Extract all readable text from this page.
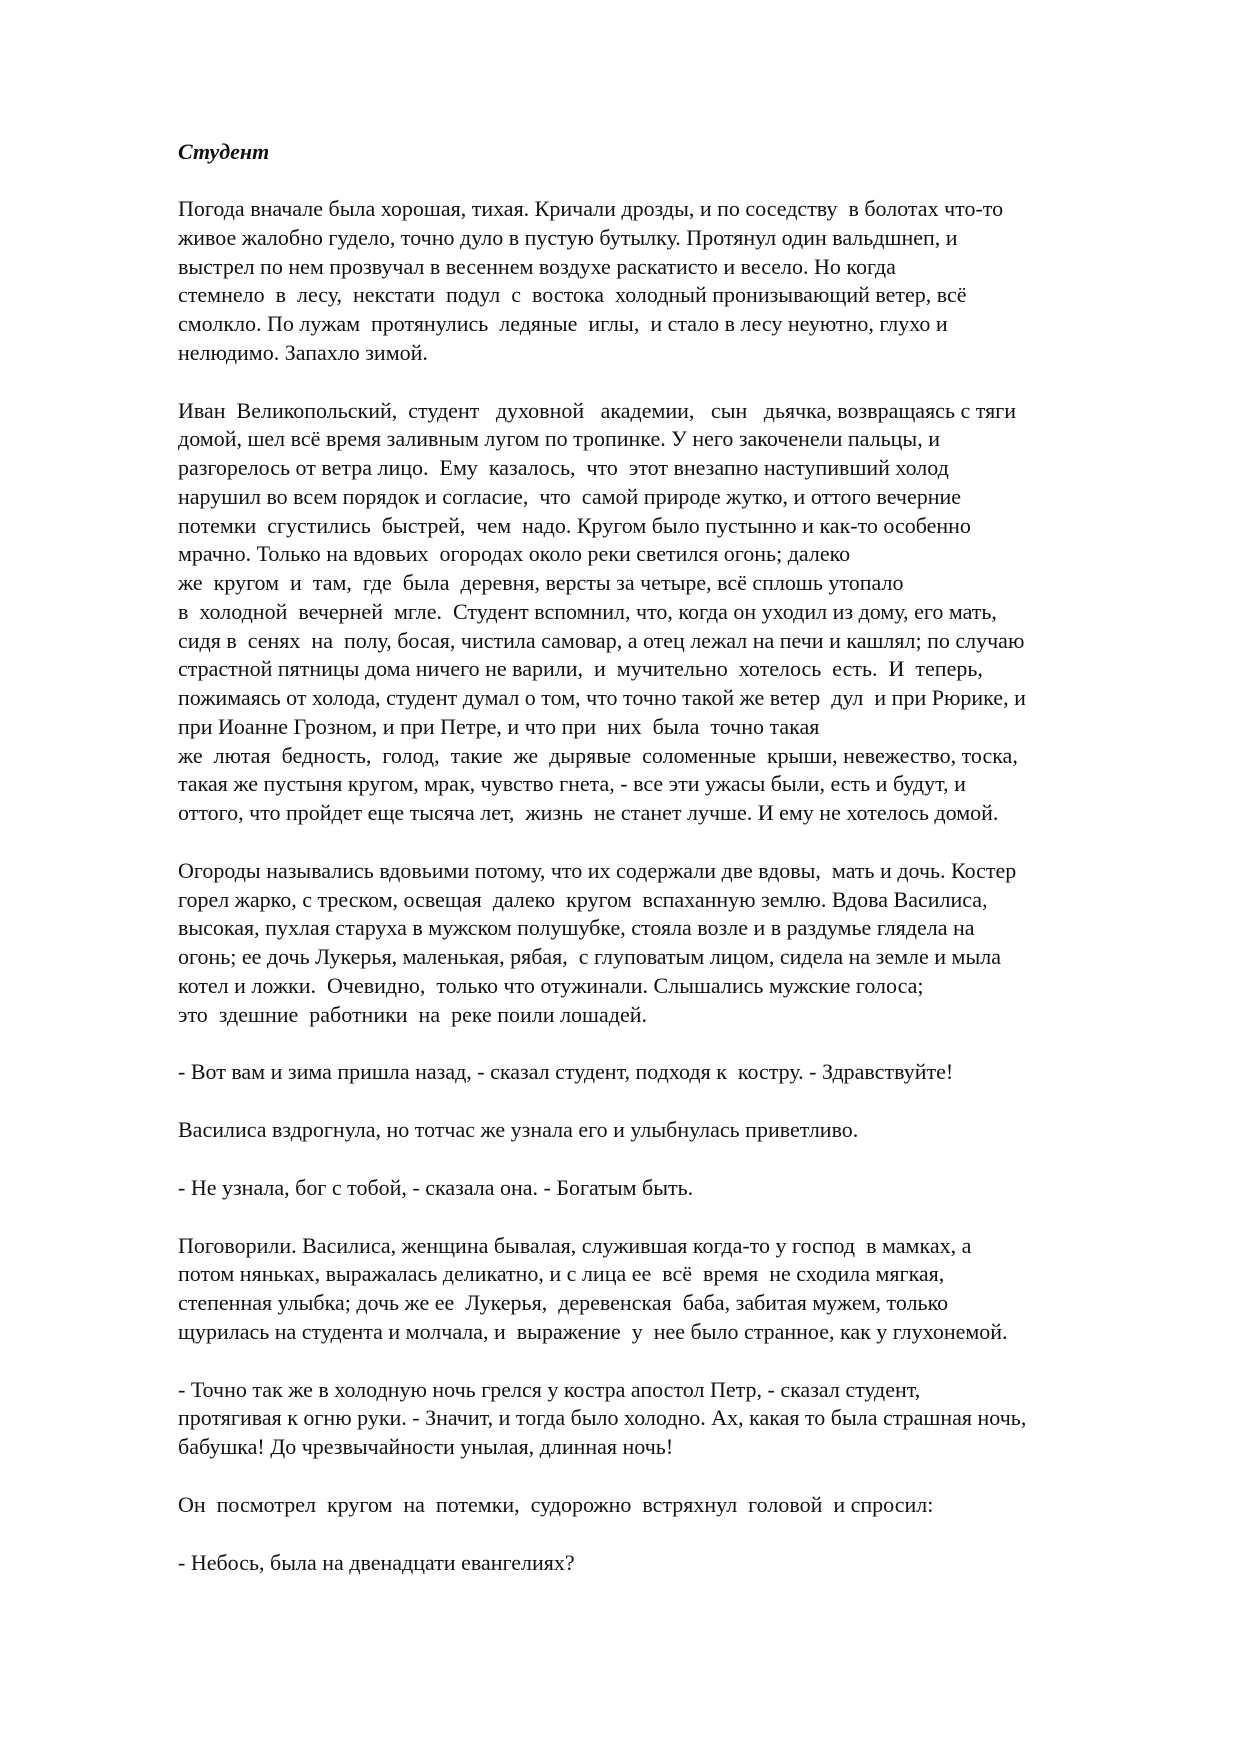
Студент
Погода вначале была хорошая, тихая. Кричали дрозды, и по соседству  в болотах что-то
живое жалобно гудело, точно дуло в пустую бутылку. Протянул один вальдшнеп, и
выстрел по нем прозвучал в весеннем воздухе раскатисто и весело. Но когда
стемнело  в  лесу,  некстати  подул  с  востока  холодный пронизывающий ветер, всё
смолкло. По лужам  протянулись  ледяные  иглы,  и стало в лесу неуютно, глухо и
нелюдимо. Запахло зимой.
Иван  Великопольский,  студент   духовной   академии,   сын   дьячка, возвращаясь с тяги
домой, шел всё время заливным лугом по тропинке. У него закоченели пальцы, и
разгорелось от ветра лицо.  Ему  казалось,  что  этот внезапно наступивший холод
нарушил во всем порядок и согласие,  что  самой природе жутко, и оттого вечерние
потемки  сгустились  быстрей,  чем  надо. Кругом было пустынно и как-то особенно
мрачно. Только на вдовьих  огородах около реки светился огонь; далеко
же  кругом  и  там,  где  была  деревня, версты за четыре, всё сплошь утопало
в  холодной  вечерней  мгле.  Студент вспомнил, что, когда он уходил из дому, его мать,
сидя в  сенях  на  полу, босая, чистила самовар, а отец лежал на печи и кашлял; по случаю
страстной пятницы дома ничего не варили,  и  мучительно  хотелось  есть.  И  теперь,
пожимаясь от холода, студент думал о том, что точно такой же ветер  дул  и при Рюрике, и
при Иоанне Грозном, и при Петре, и что при  них  была  точно такая
же  лютая  бедность,  голод,  такие  же  дырявые  соломенные  крыши, невежество, тоска,
такая же пустыня кругом, мрак, чувство гнета, - все эти ужасы были, есть и будут, и
оттого, что пройдет еще тысяча лет,  жизнь  не станет лучше. И ему не хотелось домой.
Огороды назывались вдовьими потому, что их содержали две вдовы,  мать и дочь. Костер
горел жарко, с треском, освещая  далеко  кругом  вспаханную землю. Вдова Василиса,
высокая, пухлая старуха в мужском полушубке, стояла возле и в раздумье глядела на
огонь; ее дочь Лукерья, маленькая, рябая,  с глуповатым лицом, сидела на земле и мыла
котел и ложки.  Очевидно,  только что отужинали. Слышались мужские голоса;
это  здешние  работники  на  реке поили лошадей.
- Вот вам и зима пришла назад, - сказал студент, подходя к  костру. - Здравствуйте!
Василиса вздрогнула, но тотчас же узнала его и улыбнулась приветливо.
- Не узнала, бог с тобой, - сказала она. - Богатым быть.
Поговорили. Василиса, женщина бывалая, служившая когда-то у господ  в мамках, а
потом няньках, выражалась деликатно, и с лица ее  всё  время  не сходила мягкая,
степенная улыбка; дочь же ее  Лукерья,  деревенская  баба, забитая мужем, только
щурилась на студента и молчала, и  выражение  у  нее было странное, как у глухонемой.
- Точно так же в холодную ночь грелся у костра апостол Петр, - сказал студент,
протягивая к огню руки. - Значит, и тогда было холодно. Ах, какая то была страшная ночь,
бабушка! До чрезвычайности унылая, длинная ночь!
Он  посмотрел  кругом  на  потемки,  судорожно  встряхнул  головой  и спросил:
- Небось, была на двенадцати евангелиях?
